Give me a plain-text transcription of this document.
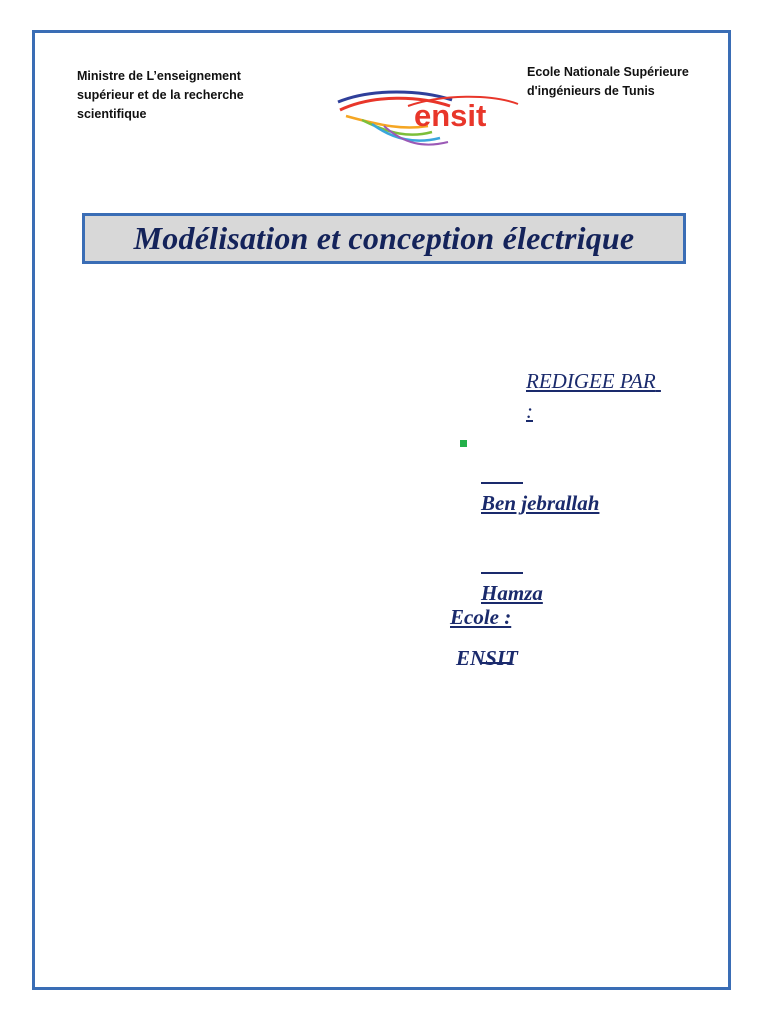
Ministre de L’enseignement
supérieur et de la recherche
scientifique	ensit
Ecole Nationale Supérieure
d'ingénieurs de Tunis
Modélisation et conception électrique
REDIGEE PAR :

Ben jebrallah

Hamza

Ecole :
ENSIT
